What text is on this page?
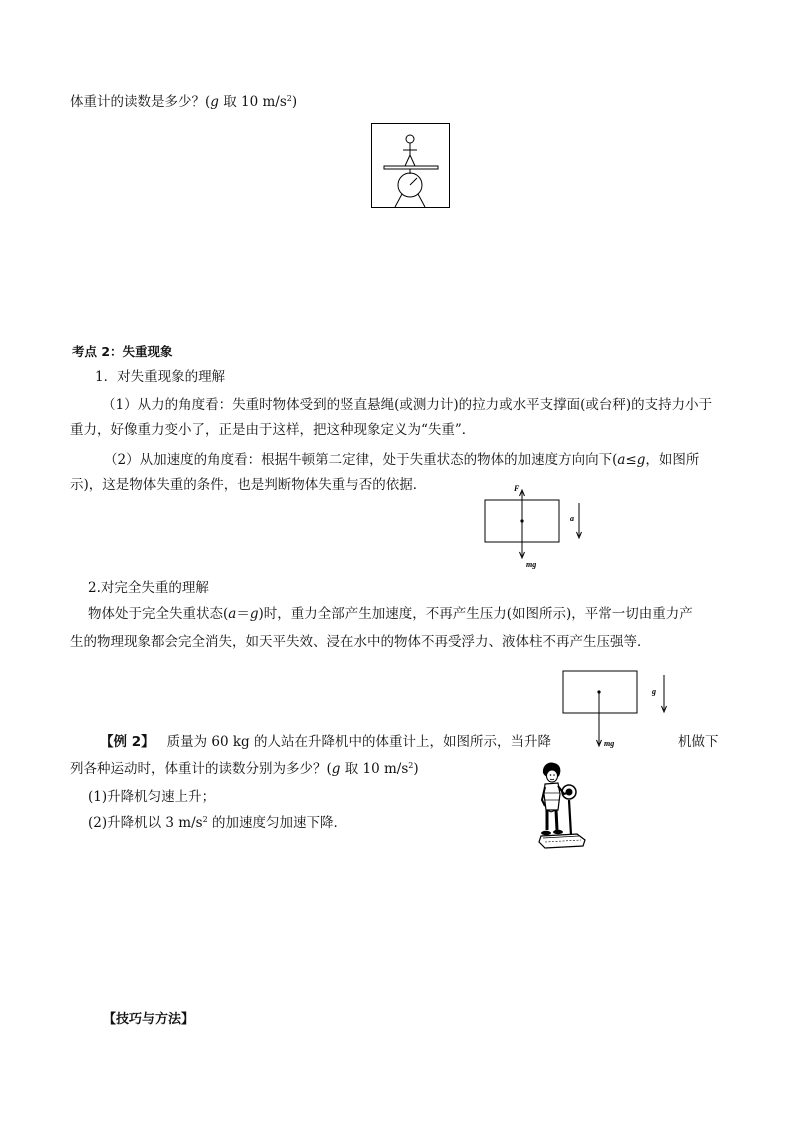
体重计的读数是多少？(g 取 10 $m/s^2$)
考点 2：失重现象
1．对失重现象的理解
（1）从力的角度看：失重时物体受到的竖直悬绳(或测力计)的拉力或水平支撑面(或台秤)的支持力小于
重力，好像重力变小了，正是由于这样，把这种现象定义为“失重”．
（2）从加速度的角度看：根据牛顿第二定律，处于失重状态的物体的加速度方向向下(a≤g，如图所
示)，这是物体失重的条件，也是判断物体失重与否的依据．	F
a
mg
2.对完全失重的理解
物体处于完全失重状态(a＝g)时，重力全部产生加速度，不再产生压力(如图所示)，平常一切由重力产
生的物理现象都会完全消失，如天平失效、浸在水中的物体不再受浮力、液体柱不再产生压强等．
g
mg
【例 2】 质量为 60 kg 的人站在升降机中的体重计上，如图所示，当升降	机做下
列各种运动时，体重计的读数分别为多少？(g 取 10 $m/s^2$)
(1)升降机匀速上升；
(2)升降机以 3 $m/s^2$ 的加速度匀加速下降．
【技巧与方法】
